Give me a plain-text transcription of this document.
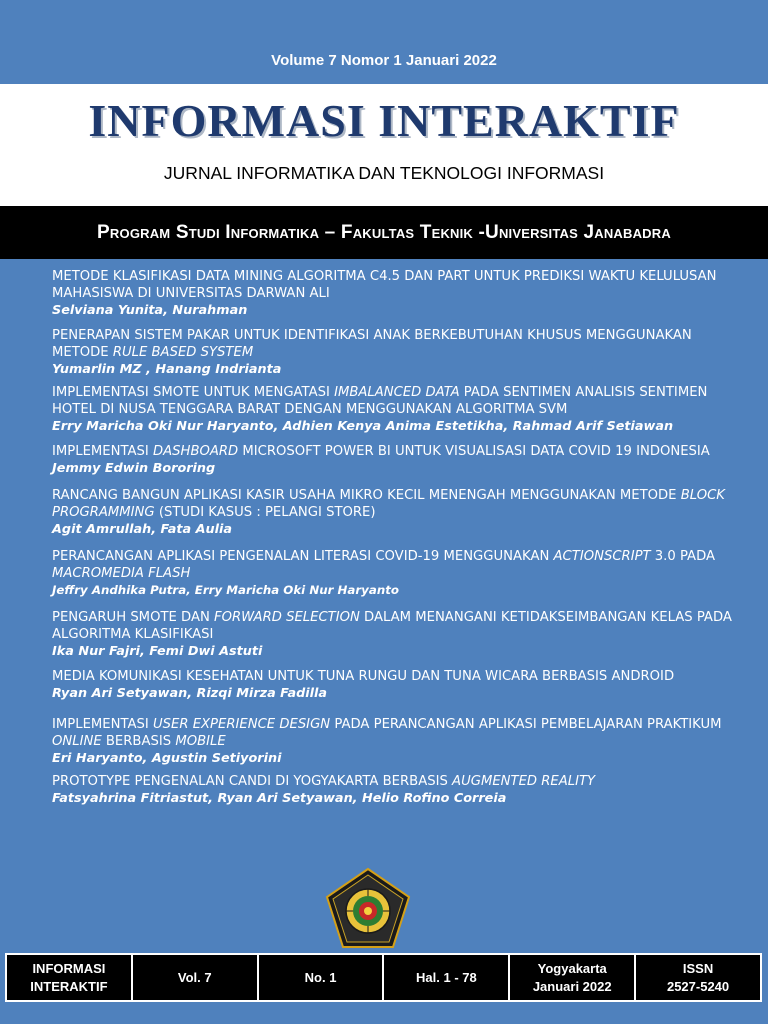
Volume 7 Nomor 1 Januari 2022
INFORMASI INTERAKTIF
JURNAL INFORMATIKA DAN TEKNOLOGI INFORMASI
Program Studi Informatika – Fakultas Teknik -Universitas Janabadra

METODE KLASIFIKASI DATA MINING ALGORITMA C4.5 DAN PART UNTUK PREDIKSI WAKTU KELULUSAN MAHASISWA DI UNIVERSITAS DARWAN ALI

Selviana Yunita, Nurahman

PENERAPAN SISTEM PAKAR UNTUK IDENTIFIKASI ANAK BERKEBUTUHAN KHUSUS MENGGUNAKAN METODE RULE BASED SYSTEM

Yumarlin MZ , Hanang Indrianta

IMPLEMENTASI SMOTE UNTUK MENGATASI IMBALANCED DATA PADA SENTIMEN ANALISIS SENTIMEN HOTEL DI NUSA TENGGARA BARAT DENGAN MENGGUNAKAN ALGORITMA SVM

Erry Maricha Oki Nur Haryanto, Adhien Kenya Anima Estetikha, Rahmad Arif Setiawan

IMPLEMENTASI DASHBOARD MICROSOFT POWER BI UNTUK VISUALISASI DATA COVID 19 INDONESIA

Jemmy Edwin Bororing

RANCANG BANGUN APLIKASI KASIR USAHA MIKRO KECIL MENENGAH MENGGUNAKAN METODE BLOCK PROGRAMMING (STUDI KASUS : PELANGI STORE)

Agit Amrullah, Fata Aulia

PERANCANGAN APLIKASI PENGENALAN LITERASI COVID-19 MENGGUNAKAN ACTIONSCRIPT 3.0 PADA MACROMEDIA FLASH

Jeffry Andhika Putra, Erry Maricha Oki Nur Haryanto

PENGARUH SMOTE DAN FORWARD SELECTION DALAM MENANGANI KETIDAKSEIMBANGAN KELAS PADA ALGORITMA KLASIFIKASI

Ika Nur Fajri, Femi Dwi Astuti

MEDIA KOMUNIKASI KESEHATAN UNTUK TUNA RUNGU DAN TUNA WICARA BERBASIS ANDROID

Ryan Ari Setyawan, Rizqi Mirza Fadilla

IMPLEMENTASI USER EXPERIENCE DESIGN PADA PERANCANGAN APLIKASI PEMBELAJARAN PRAKTIKUM ONLINE BERBASIS MOBILE

Eri Haryanto, Agustin Setiyorini

PROTOTYPE PENGENALAN CANDI DI YOGYAKARTA BERBASIS AUGMENTED REALITY

Fatsyahrina Fitriastut, Ryan Ari Setyawan, Helio Rofino Correia

INFORMASI
INTERAKTIF
Vol. 7	No. 1	Hal. 1 - 78
Yogyakarta
Januari 2022
ISSN
2527-5240
